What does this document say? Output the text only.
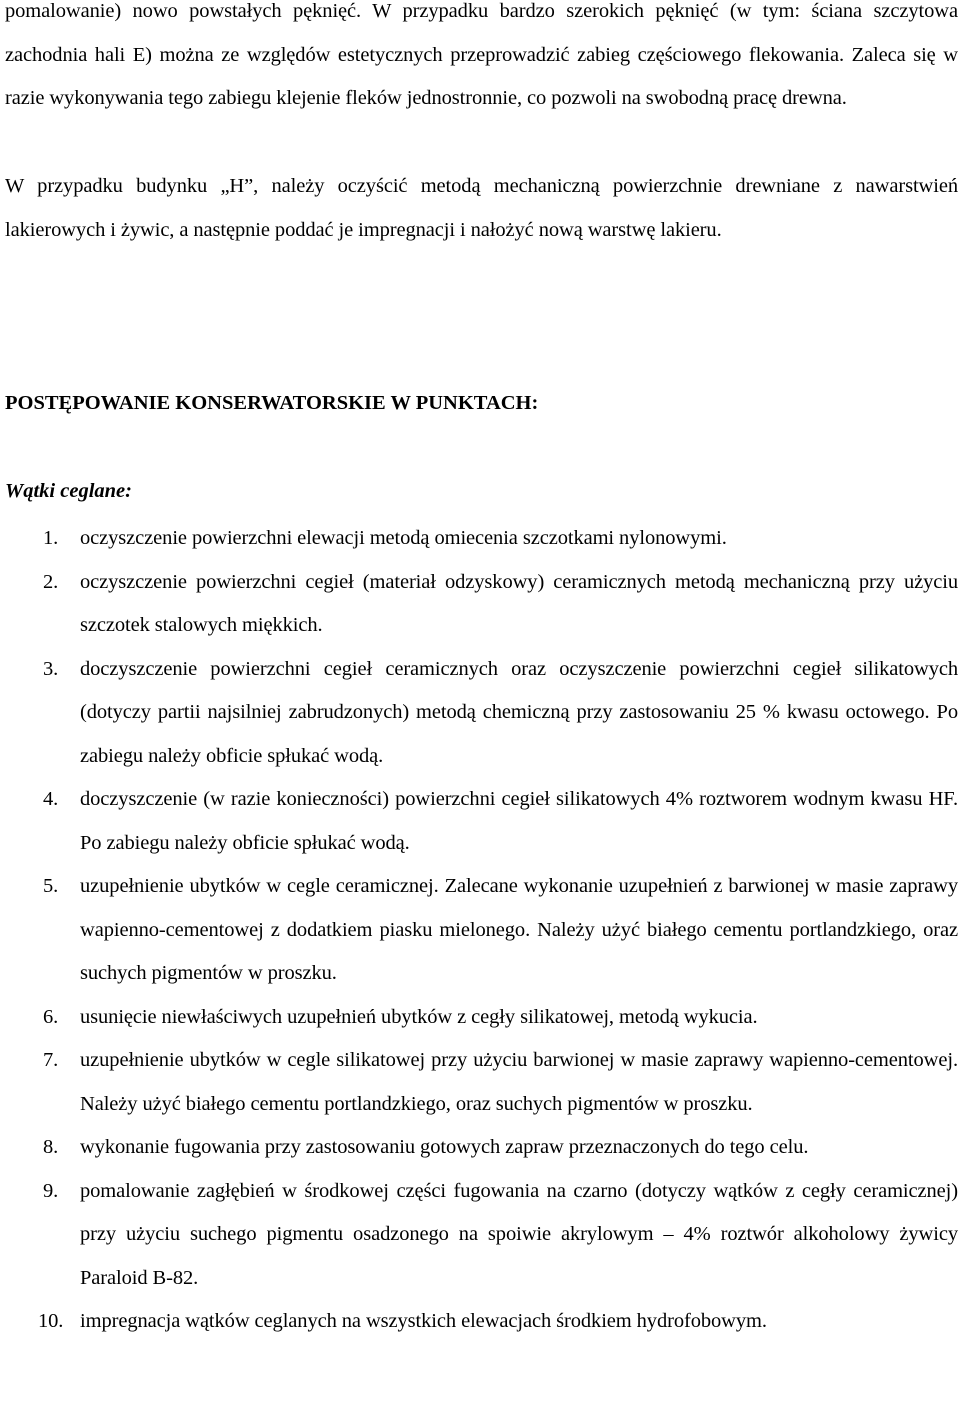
pomalowanie) nowo powstałych pęknięć. W przypadku bardzo szerokich pęknięć (w tym: ściana szczytowa zachodnia hali E) można ze względów estetycznych przeprowadzić zabieg częściowego flekowania. Zaleca się w razie wykonywania tego zabiegu klejenie fleków jednostronnie, co pozwoli na swobodną pracę drewna.

W przypadku budynku „H”, należy oczyścić metodą mechaniczną powierzchnie drewniane z nawarstwień lakierowych i żywic, a następnie poddać je impregnacji i nałożyć nową warstwę lakieru.

POSTĘPOWANIE KONSERWATORSKIE W PUNKTACH:
Wątki ceglane:
1. oczyszczenie powierzchni elewacji metodą omiecenia szczotkami nylonowymi.
2. oczyszczenie powierzchni cegieł (materiał odzyskowy) ceramicznych metodą mechaniczną przy użyciu szczotek stalowych miękkich.
3. doczyszczenie powierzchni cegieł ceramicznych oraz oczyszczenie powierzchni cegieł silikatowych (dotyczy partii najsilniej zabrudzonych) metodą chemiczną przy zastosowaniu 25 % kwasu octowego. Po zabiegu należy obficie spłukać wodą.
4. doczyszczenie (w razie konieczności) powierzchni cegieł silikatowych 4% roztworem wodnym kwasu HF. Po zabiegu należy obficie spłukać wodą.
5. uzupełnienie ubytków w cegle ceramicznej. Zalecane wykonanie uzupełnień z barwionej w masie zaprawy wapienno-cementowej z dodatkiem piasku mielonego. Należy użyć białego cementu portlandzkiego, oraz suchych pigmentów w proszku.
6. usunięcie niewłaściwych uzupełnień ubytków z cegły silikatowej, metodą wykucia.
7. uzupełnienie ubytków w cegle silikatowej przy użyciu barwionej w masie zaprawy wapienno-cementowej. Należy użyć białego cementu portlandzkiego, oraz suchych pigmentów w proszku.
8. wykonanie fugowania przy zastosowaniu gotowych zapraw przeznaczonych do tego celu.
9. pomalowanie zagłębień w środkowej części fugowania na czarno (dotyczy wątków z cegły ceramicznej) przy użyciu suchego pigmentu osadzonego na spoiwie akrylowym – 4% roztwór alkoholowy żywicy Paraloid B-82.
10. impregnacja wątków ceglanych na wszystkich elewacjach środkiem hydrofobowym.
